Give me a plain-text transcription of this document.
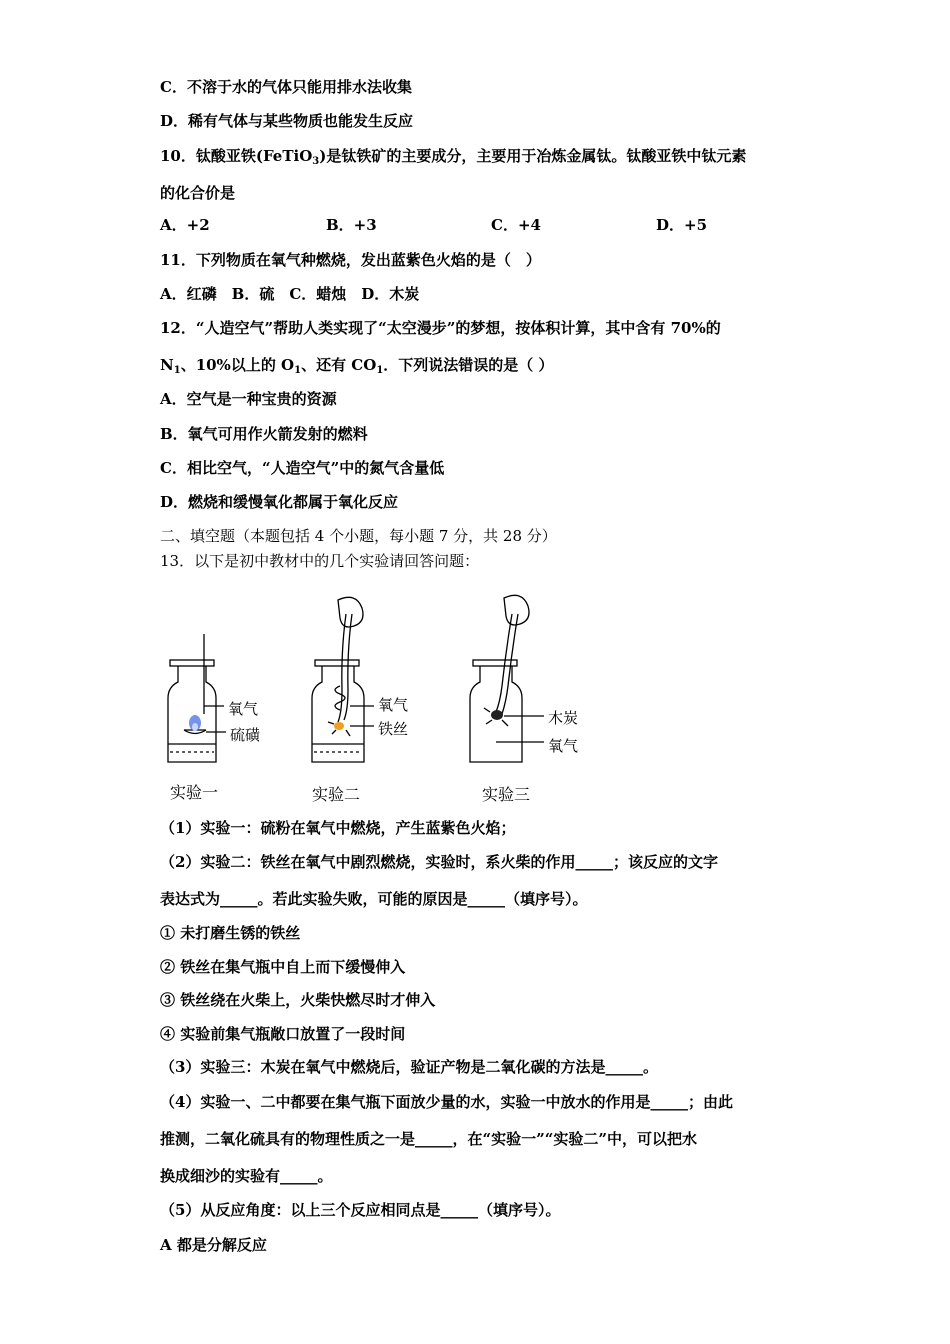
C．不溶于水的气体只能用排水法收集
D．稀有气体与某些物质也能发生反应
10．钛酸亚铁(FeTiO$_3$)是钛铁矿的主要成分，主要用于冶炼金属钛。钛酸亚铁中钛元素
的化合价是
A．+2	B．+3	C．+4	D．+5
11．下列物质在氧气种燃烧，发出蓝紫色火焰的是（　）
A．红磷　B．硫　C．蜡烛　D．木炭
12．“人造空气”帮助人类实现了“太空漫步”的梦想，按体积计算，其中含有 70%的
$N_1$、10%以上的 $O_1$、还有 $CO_1$．下列说法错误的是（ ）
A．空气是一种宝贵的资源
B．氧气可用作火箭发射的燃料
C．相比空气，“人造空气”中的氮气含量低
D．燃烧和缓慢氧化都属于氧化反应
二、填空题（本题包括 4 个小题，每小题 7 分，共 28 分）
13．以下是初中教材中的几个实验请回答问题：
氧气
硫磺
氧气
铁丝
木炭
氧气
实验一	实验二	实验三
（1）实验一：硫粉在氧气中燃烧，产生蓝紫色火焰；
（2）实验二：铁丝在氧气中剧烈燃烧，实验时，系火柴的作用_____；该反应的文字
表达式为_____。若此实验失败，可能的原因是_____（填序号）。
① 未打磨生锈的铁丝
② 铁丝在集气瓶中自上而下缓慢伸入
③ 铁丝绕在火柴上，火柴快燃尽时才伸入
④ 实验前集气瓶敞口放置了一段时间
（3）实验三：木炭在氧气中燃烧后，验证产物是二氧化碳的方法是_____。
（4）实验一、二中都要在集气瓶下面放少量的水，实验一中放水的作用是_____；由此
推测，二氧化硫具有的物理性质之一是_____，在“实验一”“实验二”中，可以把水
换成细沙的实验有_____。
（5）从反应角度：以上三个反应相同点是_____（填序号）。
A 都是分解反应
